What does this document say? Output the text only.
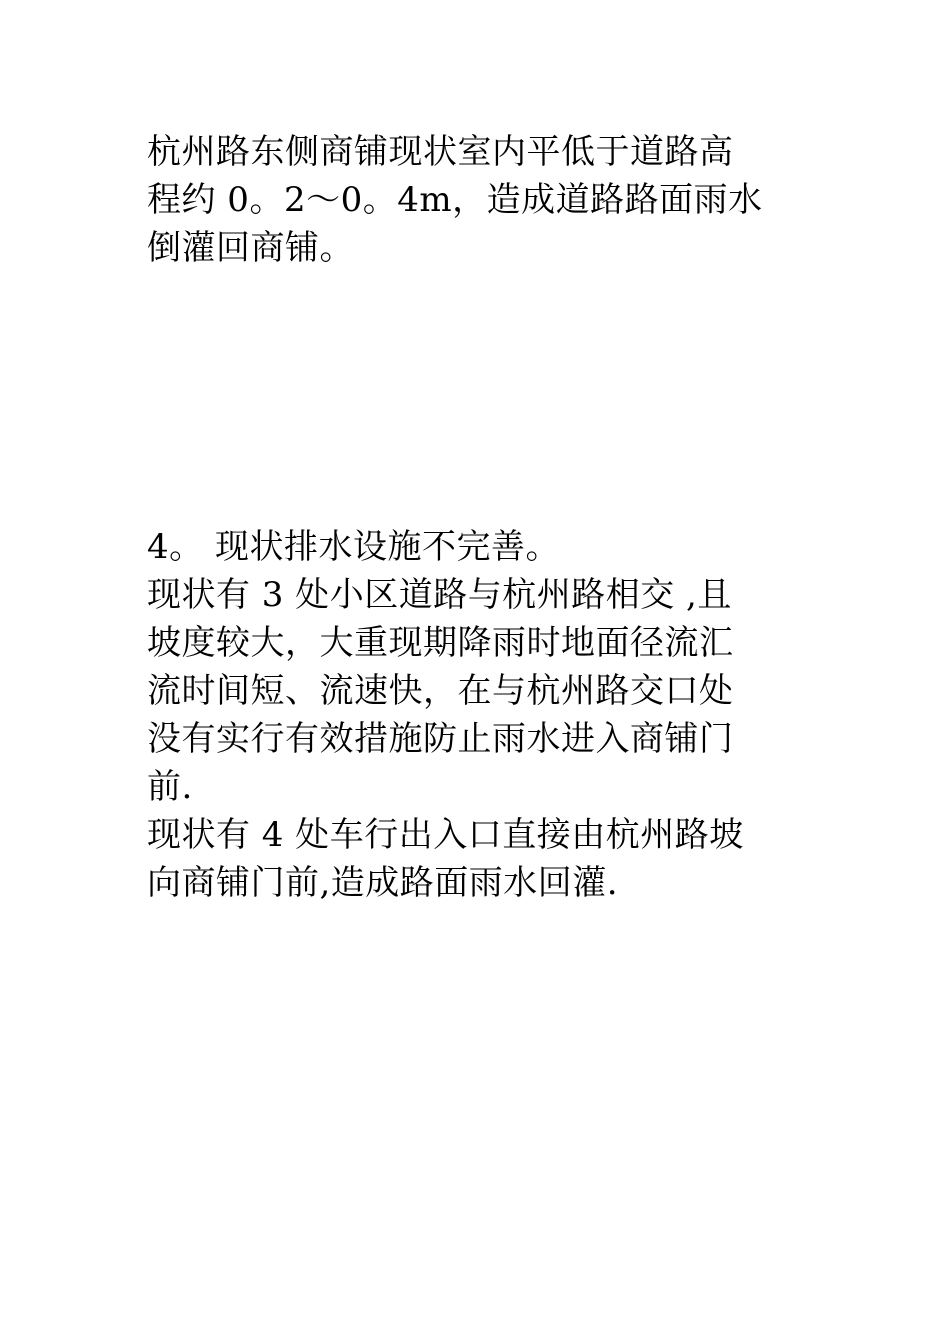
杭州路东侧商铺现状室内平低于道路高
程约 0。2～0。4m，造成道路路面雨水
倒灌回商铺。
4。 现状排水设施不完善。
现状有 3 处小区道路与杭州路相交 ,且
坡度较大，大重现期降雨时地面径流汇
流时间短、流速快，在与杭州路交口处
没有实行有效措施防止雨水进入商铺门
前.
现状有 4 处车行出入口直接由杭州路坡
向商铺门前,造成路面雨水回灌.
